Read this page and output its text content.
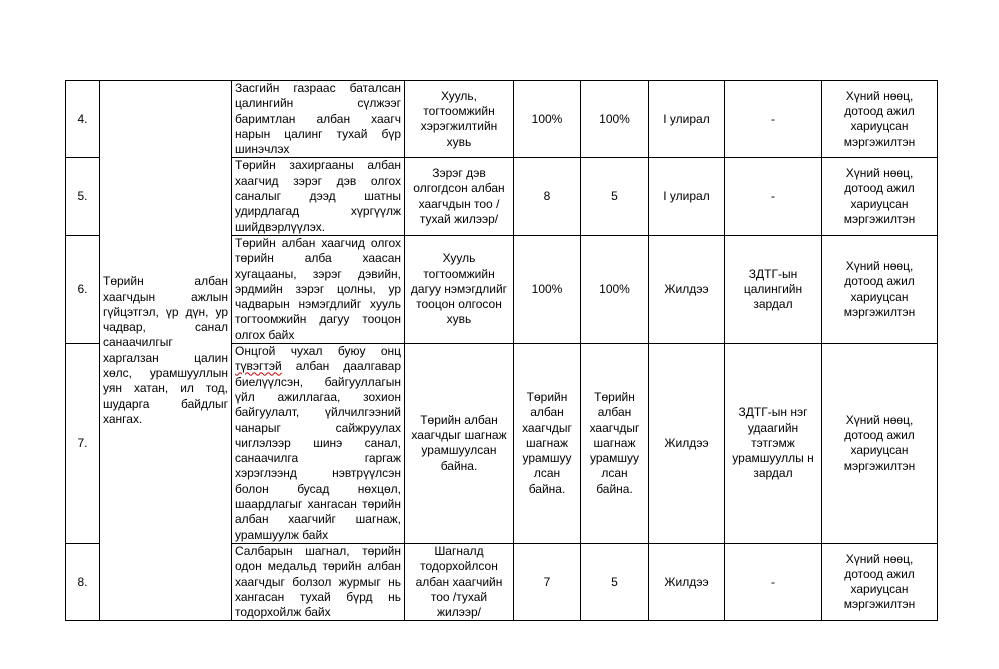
4.	Төрийн албан хаагчдын ажлын гүйцэтгэл, үр дүн, ур чадвар, санал санаачилгыг харгалзан цалин хөлс, урамшууллын уян хатан, ил тод, шударга байдлыг хангах.	Засгийн газраас баталсан цалингийн сүлжээг баримтлан албан хаагч нарын цалинг тухай бүр шинэчлэх	Хууль, тогтоомжийн хэрэгжилтийн хувь	100%	100%	I улирал	-	Хүний нөөц, дотоод ажил хариуцсан мэргэжилтэн
5.		Төрийн захиргааны албан хаагчид зэрэг дэв олгох саналыг дээд шатны удирдлагад хүргүүлж шийдвэрлүүлэх.	Зэрэг дэв олгогдсон албан хаагчдын тоо /тухай жилээр/	8	5	I улирал	-	Хүний нөөц, дотоод ажил хариуцсан мэргэжилтэн
6.		Төрийн албан хаагчид олгох төрийн алба хаасан хугацааны, зэрэг дэвийн, эрдмийн зэрэг цолны, ур чадварын нэмэгдлийг хууль тогтоомжийн дагуу тооцон олгох байх	Хууль тогтоомжийн дагуу нэмэгдлийг тооцон олгосон хувь	100%	100%	Жилдээ	ЗДТГ-ын цалингийн зардал	Хүний нөөц, дотоод ажил хариуцсан мэргэжилтэн
7.		Онцгой чухал буюу онц түвэгтэй албан даалгавар биелүүлсэн, байгууллагын үйл ажиллагаа, зохион байгуулалт, үйлчилгээний чанарыг сайжруулах чиглэлээр шинэ санал, санаачилга гаргаж хэрэглээнд нэвтрүүлсэн болон бусад нөхцөл, шаардлагыг хангасан төрийн албан хаагчийг шагнаж, урамшуулж байх	Төрийн албан хаагчдыг шагнаж урамшуулсан байна.	Төрийн албан хаагчдыг шагнаж урамшуу лсан байна.	Төрийн албан хаагчдыг шагнаж урамшуу лсан байна.	Жилдээ	ЗДТГ-ын нэг удаагийн тэтгэмж урамшууллы н зардал	Хүний нөөц, дотоод ажил хариуцсан мэргэжилтэн
8.		Салбарын шагнал, төрийн одон медальд төрийн албан хаагчдыг болзол журмыг нь хангасан тухай бүрд нь тодорхойлж байх	Шагналд тодорхойлсон албан хаагчийн тоо /тухай жилээр/	7	5	Жилдээ	-	Хүний нөөц, дотоод ажил хариуцсан мэргэжилтэн
